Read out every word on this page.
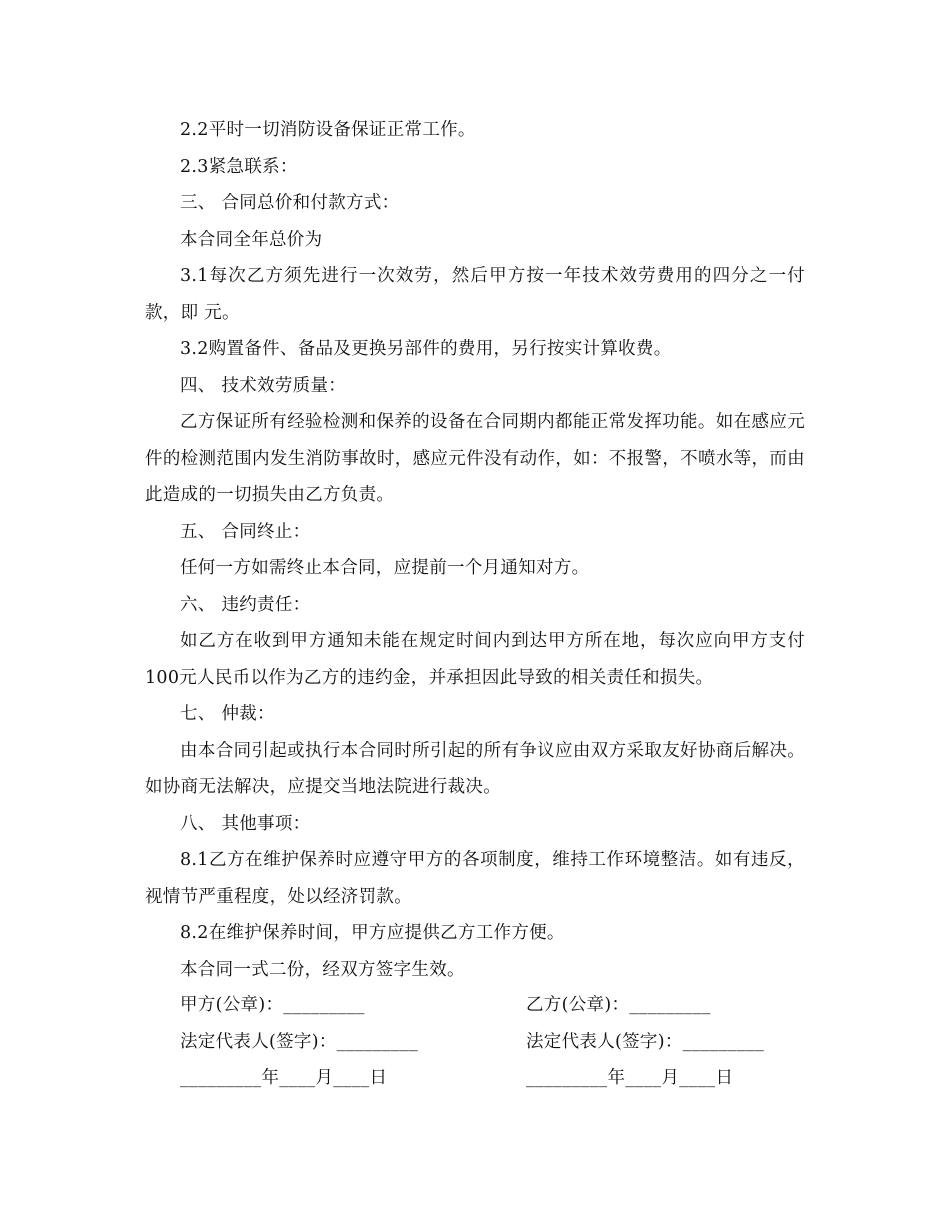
2.2平时一切消防设备保证正常工作。

2.3紧急联系：

三、 合同总价和付款方式：

本合同全年总价为

3.1每次乙方须先进行一次效劳，然后甲方按一年技术效劳费用的四分之一付款，即 元。

3.2购置备件、备品及更换另部件的费用，另行按实计算收费。

四、 技术效劳质量：

乙方保证所有经验检测和保养的设备在合同期内都能正常发挥功能。如在感应元件的检测范围内发生消防事故时，感应元件没有动作，如：不报警，不喷水等，而由此造成的一切损失由乙方负责。

五、 合同终止：

任何一方如需终止本合同，应提前一个月通知对方。

六、 违约责任：

如乙方在收到甲方通知未能在规定时间内到达甲方所在地，每次应向甲方支付100元人民币以作为乙方的违约金，并承担因此导致的相关责任和损失。

七、 仲裁：

由本合同引起或执行本合同时所引起的所有争议应由双方采取友好协商后解决。如协商无法解决，应提交当地法院进行裁决。

八、 其他事项：

8.1乙方在维护保养时应遵守甲方的各项制度，维持工作环境整洁。如有违反，视情节严重程度，处以经济罚款。

8.2在维护保养时间，甲方应提供乙方工作方便。

本合同一式二份，经双方签字生效。

甲方(公章)：_________
法定代表人(签字)：_________
_________年____月____日
乙方(公章)：_________
法定代表人(签字)：_________
_________年____月____日
